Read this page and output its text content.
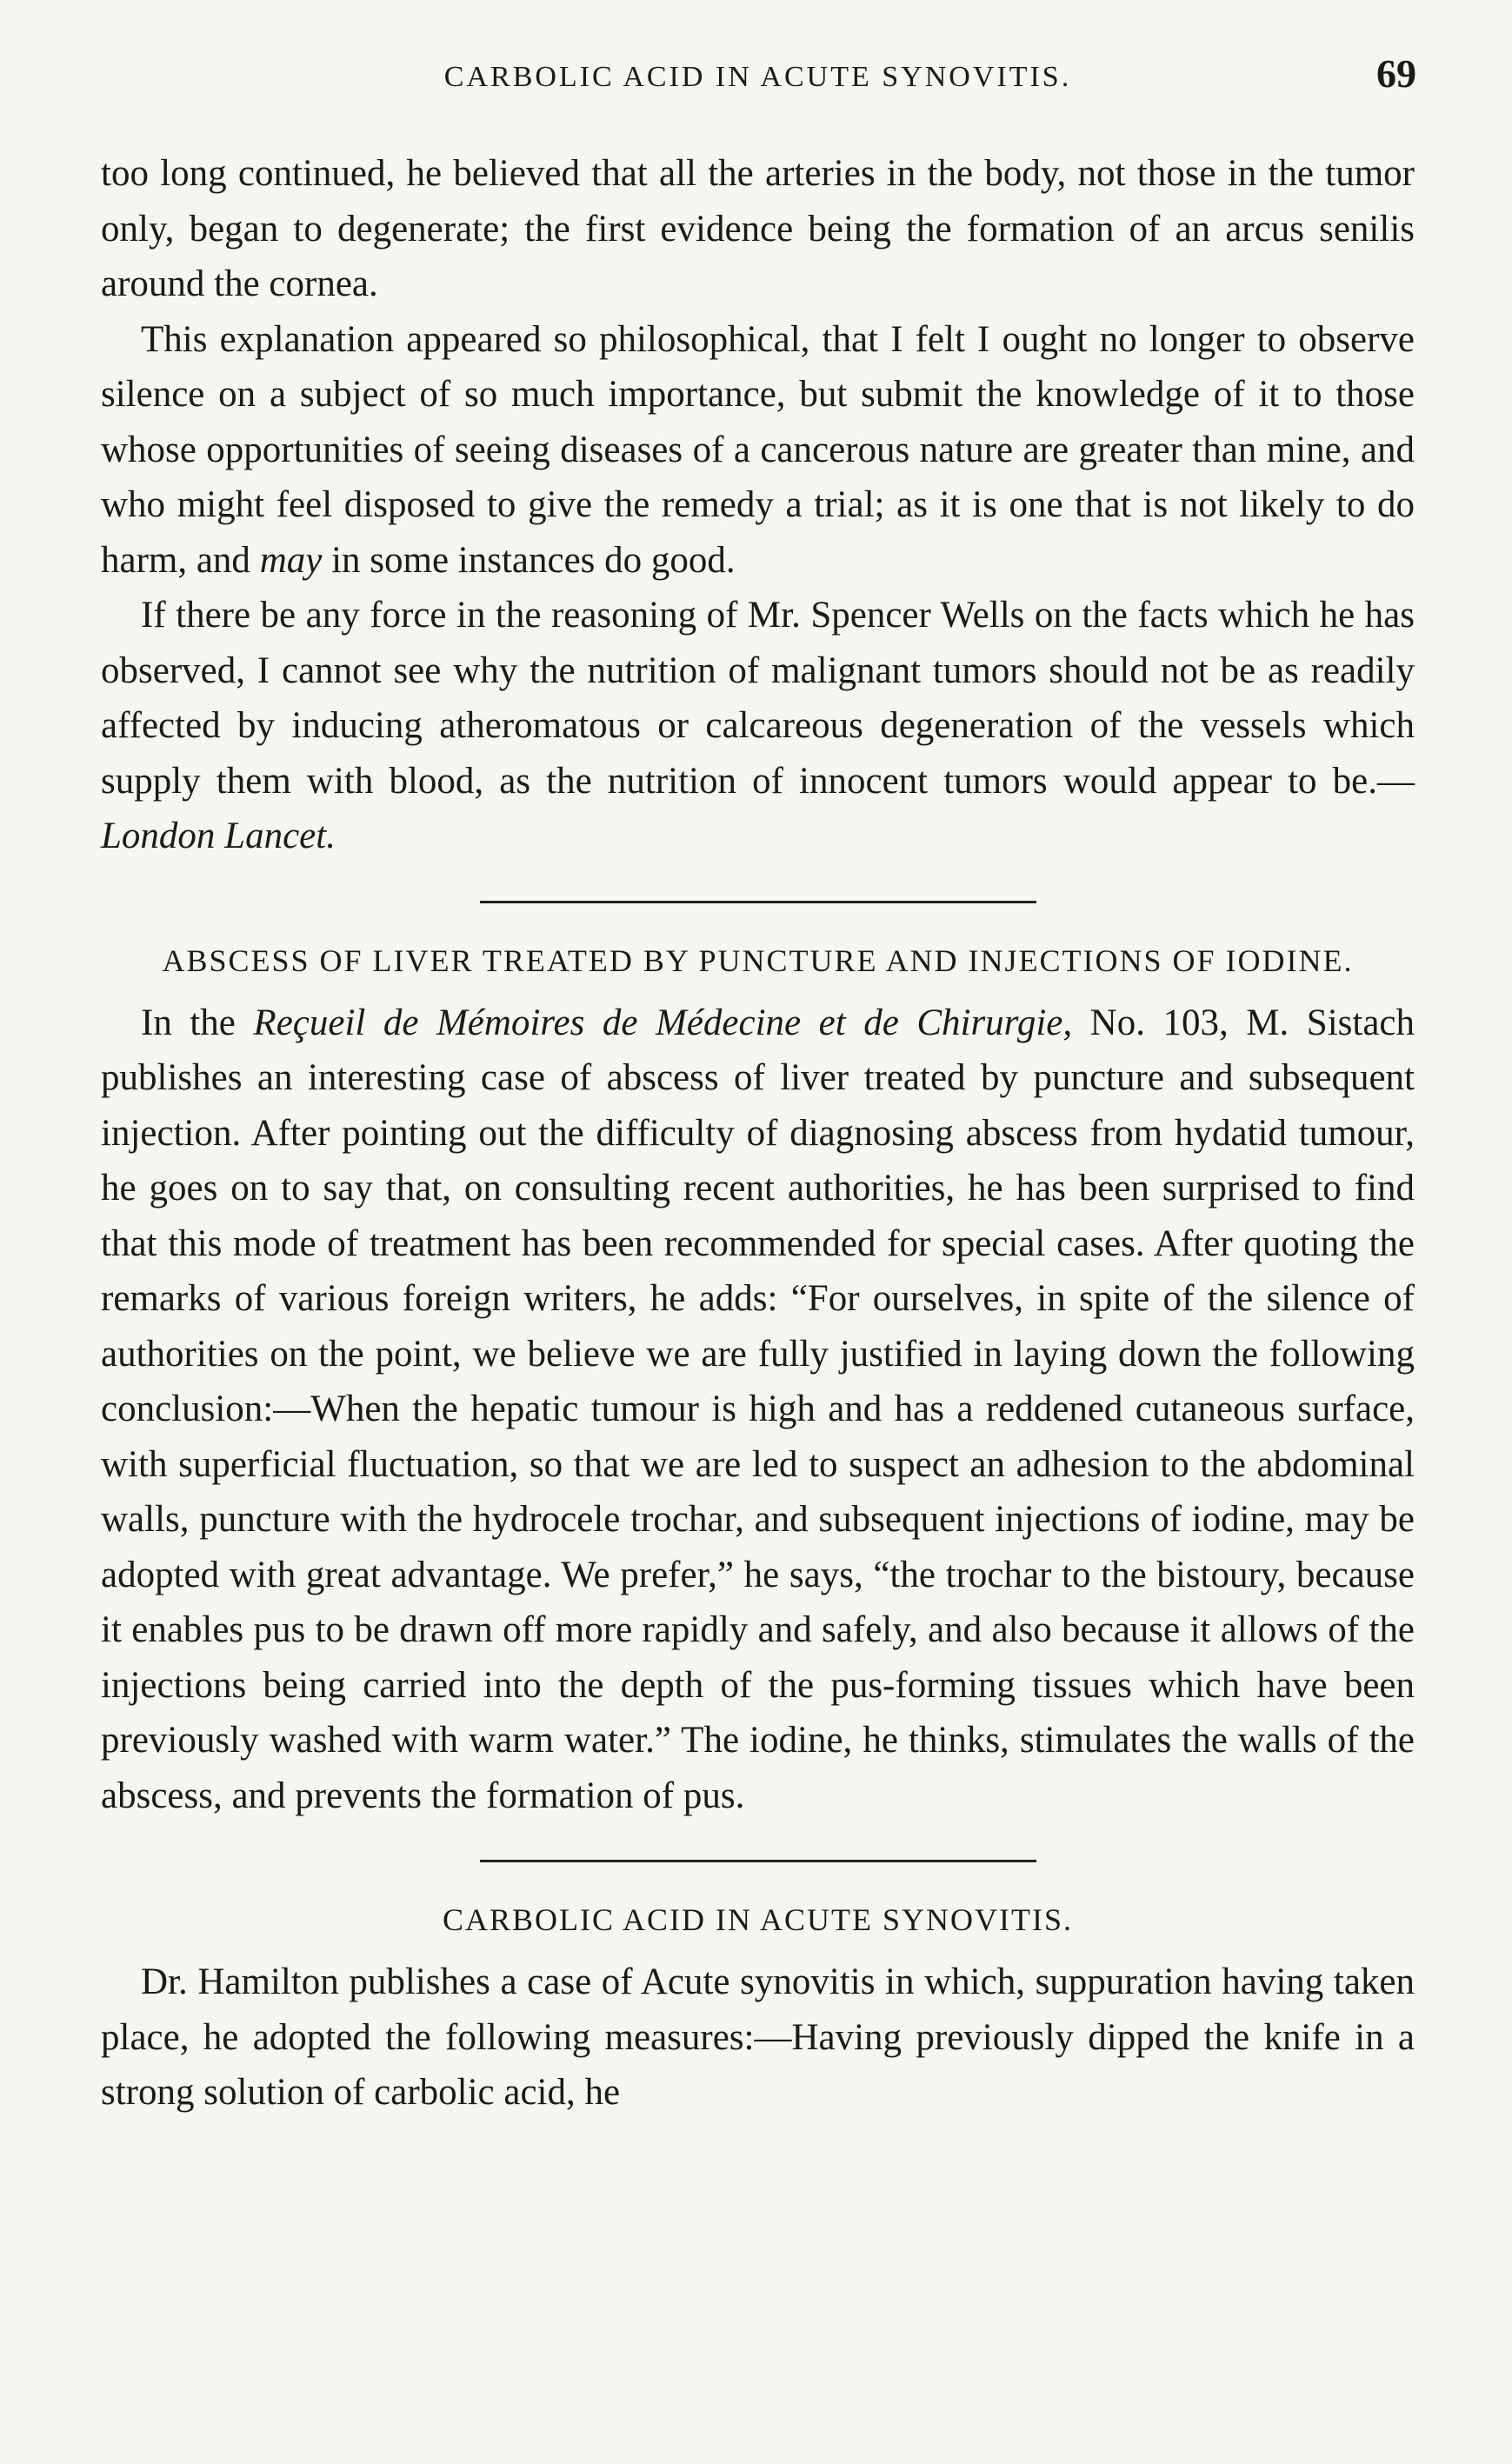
CARBOLIC ACID IN ACUTE SYNOVITIS.	69

too long continued, he believed that all the arteries in the body, not those in the tumor only, began to degenerate; the first evidence being the formation of an arcus senilis around the cornea.

This explanation appeared so philosophical, that I felt I ought no longer to observe silence on a subject of so much importance, but submit the knowledge of it to those whose opportunities of seeing diseases of a cancerous nature are greater than mine, and who might feel disposed to give the remedy a trial; as it is one that is not likely to do harm, and may in some instances do good.

If there be any force in the reasoning of Mr. Spencer Wells on the facts which he has observed, I cannot see why the nutrition of malignant tumors should not be as readily affected by inducing atheromatous or calcareous degeneration of the vessels which supply them with blood, as the nutrition of innocent tumors would appear to be.—London Lancet.

ABSCESS OF LIVER TREATED BY PUNCTURE AND INJECTIONS OF IODINE.

In the Reçueil de Mémoires de Médecine et de Chirurgie, No. 103, M. Sistach publishes an interesting case of abscess of liver treated by puncture and subsequent injection. After pointing out the difficulty of diagnosing abscess from hydatid tumour, he goes on to say that, on consulting recent authorities, he has been surprised to find that this mode of treatment has been recommended for special cases. After quoting the remarks of various foreign writers, he adds: “For ourselves, in spite of the silence of authorities on the point, we believe we are fully justified in laying down the following conclusion:—When the hepatic tumour is high and has a reddened cutaneous surface, with superficial fluctuation, so that we are led to suspect an adhesion to the abdominal walls, puncture with the hydrocele trochar, and subsequent injections of iodine, may be adopted with great advantage. We prefer,” he says, “the trochar to the bistoury, because it enables pus to be drawn off more rapidly and safely, and also because it allows of the injections being carried into the depth of the pus-forming tissues which have been previously washed with warm water.” The iodine, he thinks, stimulates the walls of the abscess, and prevents the formation of pus.

CARBOLIC ACID IN ACUTE SYNOVITIS.

Dr. Hamilton publishes a case of Acute synovitis in which, suppuration having taken place, he adopted the following measures:—Having previously dipped the knife in a strong solution of carbolic acid, he
